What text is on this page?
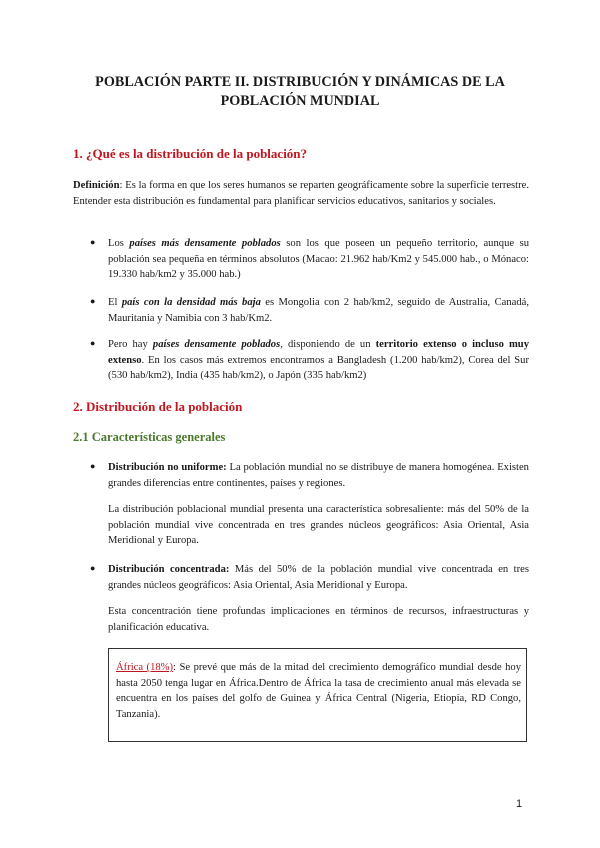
POBLACIÓN PARTE II. DISTRIBUCIÓN Y DINÁMICAS DE LA POBLACIÓN MUNDIAL
1. ¿Qué es la distribución de la población?
Definición: Es la forma en que los seres humanos se reparten geográficamente sobre la superficie terrestre. Entender esta distribución es fundamental para planificar servicios educativos, sanitarios y sociales.
● Los países más densamente poblados son los que poseen un pequeño territorio, aunque su población sea pequeña en términos absolutos (Macao: 21.962 hab/Km2 y 545.000 hab., o Mónaco: 19.330 hab/km2 y 35.000 hab.)
● El país con la densidad más baja es Mongolia con 2 hab/km2, seguido de Australia, Canadá, Mauritania y Namibia con 3 hab/Km2.
● Pero hay países densamente poblados, disponiendo de un territorio extenso o incluso muy extenso. En los casos más extremos encontramos a Bangladesh (1.200 hab/km2), Corea del Sur (530 hab/km2), India (435 hab/km2), o Japón (335 hab/km2)
2. Distribución de la población
2.1 Características generales
● Distribución no uniforme: La población mundial no se distribuye de manera homogénea. Existen grandes diferencias entre continentes, países y regiones.
La distribución poblacional mundial presenta una característica sobresaliente: más del 50% de la población mundial vive concentrada en tres grandes núcleos geográficos: Asia Oriental, Asia Meridional y Europa.
● Distribución concentrada: Más del 50% de la población mundial vive concentrada en tres grandes núcleos geográficos: Asia Oriental, Asia Meridional y Europa.
Esta concentración tiene profundas implicaciones en términos de recursos, infraestructuras y planificación educativa.
África (18%): Se prevé que más de la mitad del crecimiento demográfico mundial desde hoy hasta 2050 tenga lugar en África.Dentro de África la tasa de crecimiento anual más elevada se encuentra en los países del golfo de Guinea y África Central (Nigeria, Etiopía, RD Congo, Tanzania).
1
